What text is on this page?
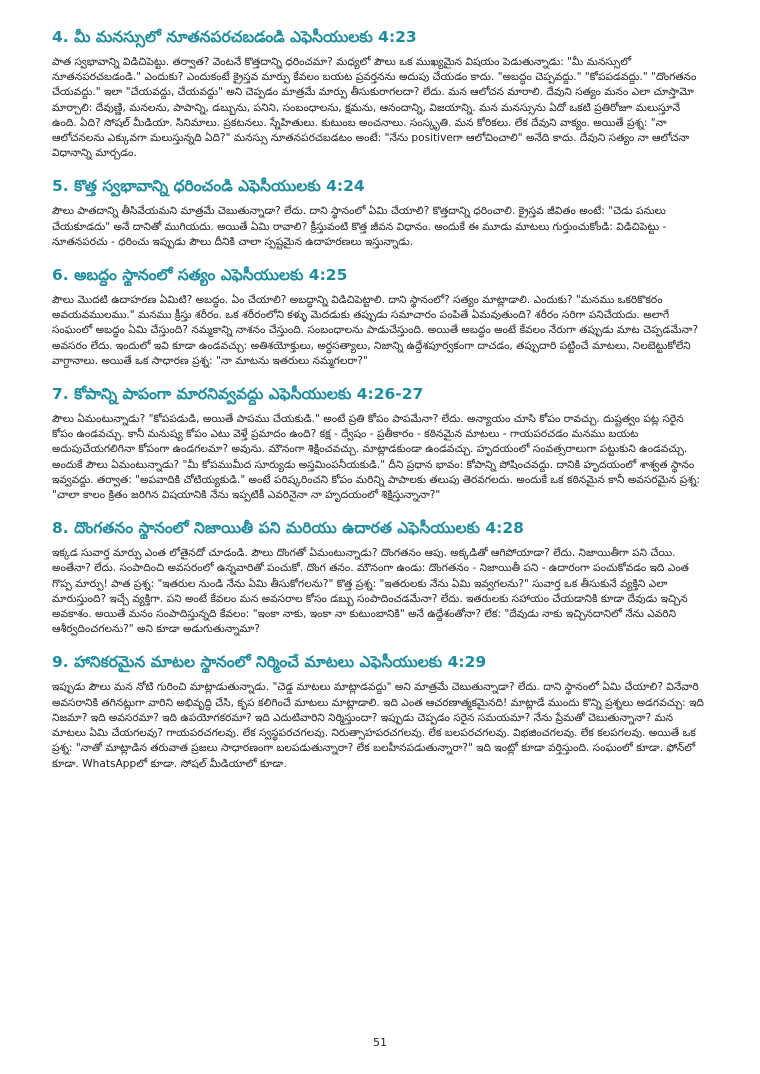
4. మీ మనస్సులో నూతనపరచబడండి ఎఫెసీయులకు 4:23

పాత స్వభావాన్ని విడిచిపెట్టు. తర్వాత? వెంటనే కొత్తదాన్ని ధరించమా? మధ్యలో పౌలు ఒక ముఖ్యమైన విషయం పెడుతున్నాడు: "మీ మనస్సులో నూతనపరచబడండి." ఎందుకు? ఎందుకంటే క్రైస్తవ మార్పు కేవలం బయట ప్రవర్తనను అదుపు చేయడం కాదు. "అబద్ధం చెప్పవద్దు." "కోపపడవద్దు." "దొంగతనం చేయవద్దు." ఇలా "చేయవద్దు, చేయవద్దు" అని చెప్పడం మాత్రమే మార్పు తీసుకురాగలదా? లేదు. మన ఆలోచన మారాలి. దేవుని సత్యం మనం ఎలా చూస్తామో మార్చాలి: దేవుణ్ణి, మనలను, పాపాన్ని, డబ్బును, పనిని, సంబంధాలను, క్షమను, ఆనందాన్ని, విజయాన్ని. మన మనస్సును ఏదో ఒకటి ప్రతిరోజూ మలుస్తూనే ఉంది. ఏది? సోషల్ మీడియా. సినిమాలు. ప్రకటనలు. స్నేహితులు. కుటుంబ అంచనాలు. సంస్కృతి. మన కోరికలు. లేక దేవుని వాక్యం. అయితే ప్రశ్న: "నా ఆలోచనలను ఎక్కువగా మలుస్తున్నది ఏది?" మనస్సు నూతనపరచబడటం అంటే: "నేను positiveగా ఆలోచించాలి" అనేది కాదు. దేవుని సత్యం నా ఆలోచనా విధానాన్ని మార్చడం.

5. కొత్త స్వభావాన్ని ధరించండి ఎఫెసీయులకు 4:24

పౌలు పాతదాన్ని తీసివేయమని మాత్రమే చెబుతున్నాడా? లేదు. దాని స్థానంలో ఏమి చేయాలి? కొత్తదాన్ని ధరించాలి. క్రైస్తవ జీవితం అంటే: "చెడు పనులు చేయకూడదు" అనే దానితో ముగియదు. అయితే ఏమి రావాలి? క్రీస్తువంటి కొత్త జీవన విధానం. అందుకే ఈ మూడు మాటలు గుర్తుంచుకోండి: విడిచిపెట్టు - నూతనపరచు - ధరించు ఇప్పుడు పౌలు దీనికి చాలా స్పష్టమైన ఉదాహరణలు ఇస్తున్నాడు.

6. అబద్ధం స్థానంలో సత్యం ఎఫెసీయులకు 4:25

పౌలు మొదటి ఉదాహరణ ఏమిటి? అబద్ధం. ఏం చేయాలి? అబద్ధాన్ని విడిచిపెట్టాలి. దాని స్థానంలో? సత్యం మాట్లాడాలి. ఎందుకు? "మనము ఒకరికొకరం అవయవములము." మనము క్రీస్తు శరీరం. ఒక శరీరంలోని కళ్ళు మెదడుకు తప్పుడు సమాచారం పంపితే ఏమవుతుంది? శరీరం సరిగా పనిచేయదు. అలాగే సంఘంలో అబద్ధం ఏమి చేస్తుంది? నమ్మకాన్ని నాశనం చేస్తుంది. సంబంధాలను పాడుచేస్తుంది. అయితే అబద్ధం అంటే కేవలం నేరుగా తప్పుడు మాట చెప్పడమేనా? అవసరం లేదు. ఇందులో ఇవి కూడా ఉండవచ్చు: అతిశయోక్తులు, అర్ధసత్యాలు, నిజాన్ని ఉద్దేశపూర్వకంగా దాచడం, తప్పుదారి పట్టించే మాటలు, నిలబెట్టుకోలేని వాగ్దానాలు. అయితే ఒక సాధారణ ప్రశ్న: "నా మాటను ఇతరులు నమ్మగలరా?"

7. కోపాన్ని పాపంగా మారనివ్వవద్దు ఎఫెసీయులకు 4:26-27

పౌలు ఏమంటున్నాడు? "కోపపడుడి, అయితే పాపము చేయకుడి." అంటే ప్రతి కోపం పాపమేనా? లేదు. అన్యాయం చూసి కోపం రావచ్చు. దుష్టత్వం పట్ల సరైన కోపం ఉండవచ్చు. కానీ మనుష్య కోపం ఎటు వెళ్తే ప్రమాదం ఉంది? కక్ష - ద్వేషం - ప్రతీకారం - కఠినమైన మాటలు - గాయపరచడం మనము బయట అదుపుచేయగలిగినా కోపంగా ఉండగలమా? అవును. మౌనంగా శిక్షించవచ్చు. మాట్లాడకుండా ఉండవచ్చు. హృదయంలో సంవత్సరాలుగా పట్టుకుని ఉండవచ్చు. అందుకే పౌలు ఏమంటున్నాడు? "మీ కోపముమీద సూర్యుడు అస్తమింపనీయకుడి." దీని ప్రధాన భావం: కోపాన్ని పోషించవద్దు. దానికి హృదయంలో శాశ్వత స్థానం ఇవ్వవద్దు. తర్వాత: "అపవాదికి చోటియ్యకుడి." అంటే పరిష్కరించని కోపం మరిన్ని పాపాలకు తలుపు తెరవగలదు. అందుకే ఒక కఠినమైన కానీ అవసరమైన ప్రశ్న: "చాలా కాలం క్రితం జరిగిన విషయానికి నేను ఇప్పటికీ ఎవరినైనా నా హృదయంలో శిక్షిస్తున్నానా?"

8. దొంగతనం స్థానంలో నిజాయితీ పని మరియు ఉదారత ఎఫెసీయులకు 4:28

ఇక్కడ సువార్త మార్పు ఎంత లోతైనదో చూడండి. పౌలు దొంగతో ఏమంటున్నాడు? దొంగతనం ఆపు. అక్కడితో ఆగిపోయాడా? లేదు. నిజాయితీగా పని చేయి. అంతేనా? లేదు. సంపాదించి అవసరంలో ఉన్నవారితో పంచుకో. దొంగ తనం. మౌనంగా ఉండు: దొంగతనం - నిజాయితీ పని - ఉదారంగా పంచుకోవడం ఇది ఎంత గొప్ప మార్పు! పాత ప్రశ్న: "ఇతరుల నుండి నేను ఏమి తీసుకోగలను?" కొత్త ప్రశ్న: "ఇతరులకు నేను ఏమి ఇవ్వగలను?" సువార్త ఒక తీసుకునే వ్యక్తిని ఎలా మారుస్తుంది? ఇచ్చే వ్యక్తిగా. పని అంటే కేవలం మన అవసరాల కోసం డబ్బు సంపాదించడమేనా? లేదు. ఇతరులకు సహాయం చేయడానికి కూడా దేవుడు ఇచ్చిన అవకాశం. అయితే మనం సంపాదిస్తున్నది కేవలం: "ఇంకా నాకు, ఇంకా నా కుటుంబానికి" అనే ఉద్దేశంతోనా? లేక: "దేవుడు నాకు ఇచ్చినదానిలో నేను ఎవరిని ఆశీర్వదించగలను?" అని కూడా అడుగుతున్నామా?

9. హానికరమైన మాటల స్థానంలో నిర్మించే మాటలు ఎఫెసీయులకు 4:29

ఇప్పుడు పౌలు మన నోటి గురించి మాట్లాడుతున్నాడు. "చెడ్డ మాటలు మాట్లాడవద్దు" అని మాత్రమే చెబుతున్నాడా? లేదు. దాని స్థానంలో ఏమి చేయాలి? వినేవారి అవసరానికి తగినట్లుగా వారిని అభివృద్ధి చేసి, కృప కలిగించే మాటలు మాట్లాడాలి. ఇది ఎంత ఆచరణాత్మకమైనది! మాట్లాడే ముందు కొన్ని ప్రశ్నలు అడగవచ్చు: ఇది నిజమా? ఇది అవసరమా? ఇది ఉపయోగకరమా? ఇది ఎదుటివారిని నిర్మిస్తుందా? ఇప్పుడు చెప్పడం సరైన సమయమా? నేను ప్రేమతో చెబుతున్నానా? మన మాటలు ఏమి చేయగలవు? గాయపరచగలవు. లేక స్వస్థపరచగలవు. నిరుత్సాహపరచగలవు. లేక బలపరచగలవు. విభజించగలవు. లేక కలపగలవు. అయితే ఒక ప్రశ్న: "నాతో మాట్లాడిన తరువాత ప్రజలు సాధారణంగా బలపడుతున్నారా? లేక బలహీనపడుతున్నారా?" ఇది ఇంట్లో కూడా వర్తిస్తుంది. సంఘంలో కూడా. ఫోన్‌లో కూడా. WhatsAppలో కూడా. సోషల్ మీడియాలో కూడా.

51
